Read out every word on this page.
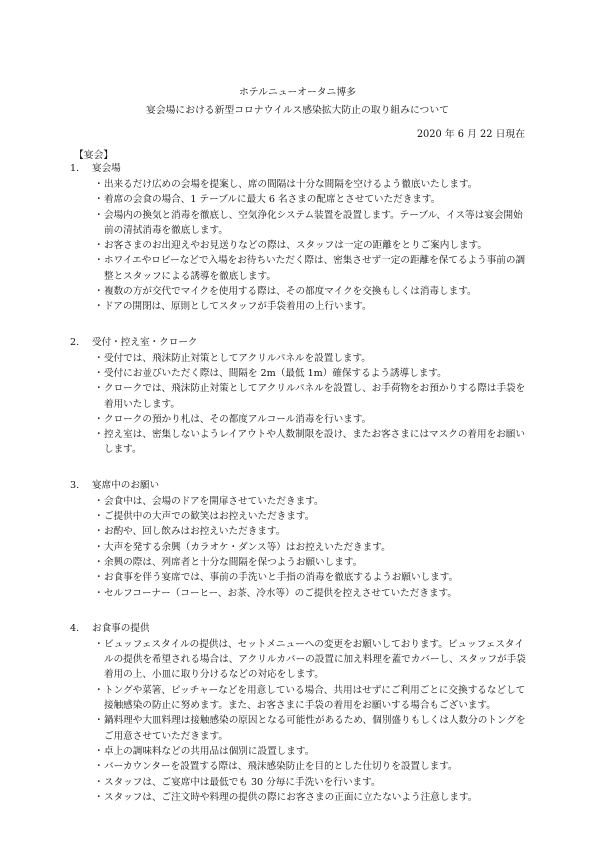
ホテルニューオータニ博多
宴会場における新型コロナウイルス感染拡大防止の取り組みについて
2020 年 6 月 22 日現在
【宴会】
1.	宴会場
・ 出来るだけ広めの会場を提案し、席の間隔は十分な間隔を空けるよう徹底いたします。
・ 着席の会食の場合、1 テーブルに最大 6 名さまの配席とさせていただきます。
・ 会場内の換気と消毒を徹底し、空気浄化システム装置を設置します。テーブル、イス等は宴会開始前の清拭消毒を徹底します。
・ お客さまのお出迎えやお見送りなどの際は、スタッフは一定の距離をとりご案内します。
・ ホワイエやロビーなどで入場をお待ちいただく際は、密集させず一定の距離を保てるよう事前の調整とスタッフによる誘導を徹底します。
・ 複数の方が交代でマイクを使用する際は、その都度マイクを交換もしくは消毒します。
・ ドアの開閉は、原則としてスタッフが手袋着用の上行います。
2.	受付・控え室・クローク
・ 受付では、飛沫防止対策としてアクリルパネルを設置します。
・ 受付にお並びいただく際は、間隔を 2m（最低 1m）確保するよう誘導します。
・ クロークでは、飛沫防止対策としてアクリルパネルを設置し、お手荷物をお預かりする際は手袋を着用いたします。
・ クロークの預かり札は、その都度アルコール消毒を行います。
・ 控え室は、密集しないようレイアウトや人数制限を設け、またお客さまにはマスクの着用をお願いします。
3.	宴席中のお願い
・ 会食中は、会場のドアを開扉させていただきます。
・ ご提供中の大声での歓笑はお控えいただきます。
・ お酌や、回し飲みはお控えいただきます。
・ 大声を発する余興（カラオケ・ダンス等）はお控えいただきます。
・ 余興の際は、列席者と十分な間隔を保つようお願いします。
・ お食事を伴う宴席では、事前の手洗いと手指の消毒を徹底するようお願いします。
・ セルフコーナー（コーヒー、お茶、冷水等）のご提供を控えさせていただきます。
4.	お食事の提供
・ ビュッフェスタイルの提供は、セットメニューへの変更をお願いしております。ビュッフェスタイルの提供を希望される場合は、アクリルカバーの設置に加え料理を蓋でカバーし、スタッフが手袋着用の上、小皿に取り分けるなどの対応をします。
・ トングや菜箸、ピッチャーなどを用意している場合、共用はせずにご利用ごとに交換するなどして接触感染の防止に努めます。また、お客さまに手袋の着用をお願いする場合もございます。
・ 鍋料理や大皿料理は接触感染の原因となる可能性があるため、個別盛りもしくは人数分のトングをご用意させていただきます。
・ 卓上の調味料などの共用品は個別に設置します。
・ バーカウンターを設置する際は、飛沫感染防止を目的とした仕切りを設置します。
・ スタッフは、ご宴席中は最低でも 30 分毎に手洗いを行います。
・ スタッフは、ご注文時や料理の提供の際にお客さまの正面に立たないよう注意します。
